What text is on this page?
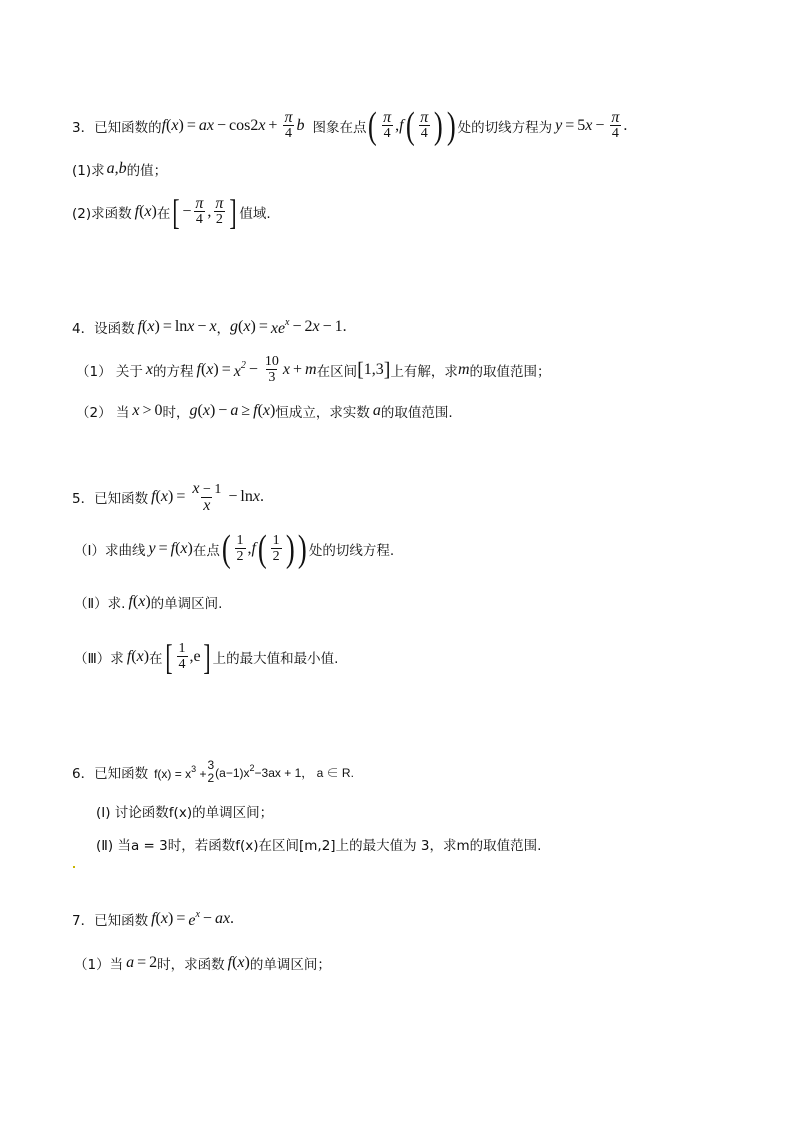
3．已知函数的 f ( x ) = ax − cos2 $x + \frac{\pi}{4}$ b 图象在点 ( $\frac{\pi}{4}$ , f ( $\frac{\pi}{4}$ ) ) 处的切线方程为 y = 5 $x - \frac{\pi}{4}$ .
(1)求 a , b 的值；
(2)求函数 f ( x ) 在 [ − $\frac{\pi}{4}$ , $\frac{\pi}{2}$ ] 值域.
4．设函数 f ( x ) = ln x − x ， g ( x ) = $xe^x - 2$ x − 1 .
（1） 关于 x 的方程 f ( x ) = $x^2 - \frac{10}{3}$ x + m 在区间 [ 1,3 ] 上有解，求 m 的取值范围；
（2） 当 x > 0 时， g ( x ) − a ≥ f ( x ) 恒成立，求实数 a 的取值范围.
5．已知函数 f ( x ) = $\frac{x - 1}{x} - \ln x$ .
（Ⅰ）求曲线 y = f ( x ) 在点 ( $\frac{1}{2}$ , f ( $\frac{1}{2}$ ) ) 处的切线方程.
（Ⅱ）求. f ( x ) 的单调区间.
（Ⅲ）求 f ( x ) 在 [ $\frac{1}{4}$ , e ] 上的最大值和最小值.
6．已知函数 $f(x) = x^3$ +
3
2 $(a-1)x^2-3ax + 1$， a ∈ R.
(Ⅰ) 讨论函数f(x)的单调区间；
(Ⅱ) 当a = 3时，若函数f(x)在区间[m,2]上的最大值为 3，求m的取值范围.
7．已知函数 f ( x ) = $e^x$ − ax .
（1）当 a = 2 时，求函数 f ( x ) 的单调区间；
